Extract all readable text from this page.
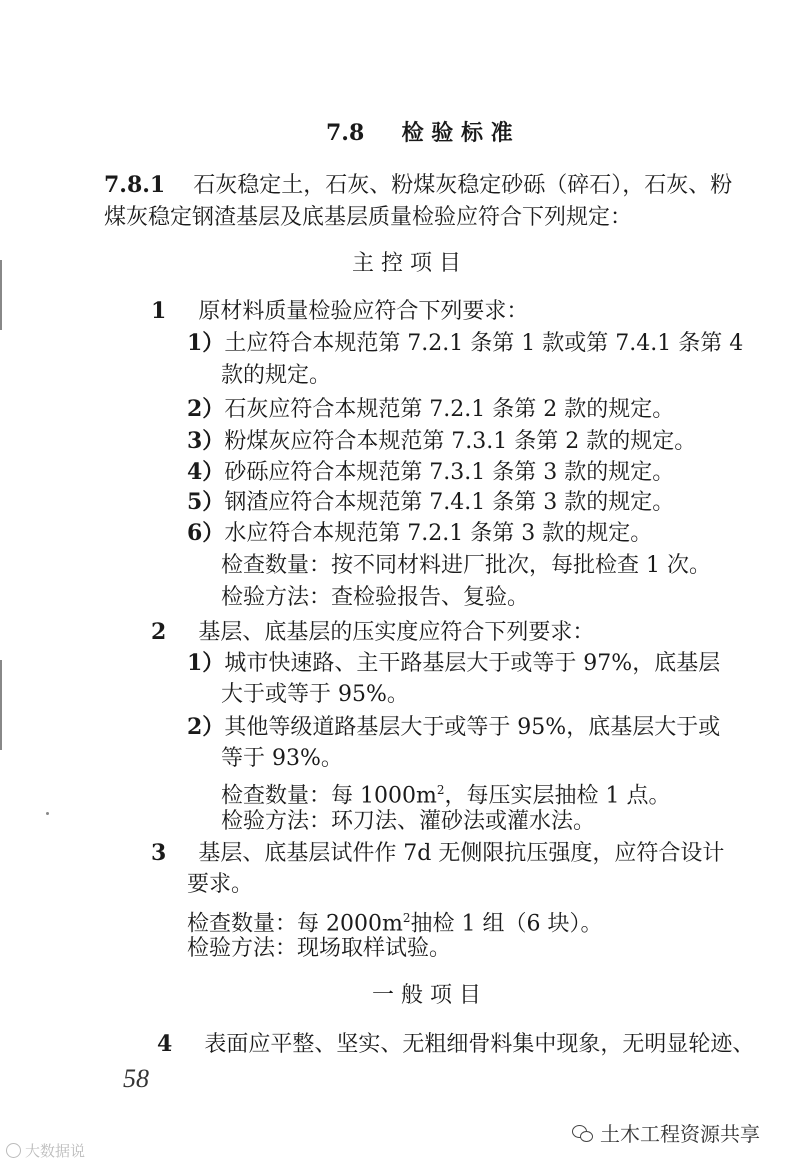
7.8 检 验 标 准
7.8.1 石灰稳定土，石灰、粉煤灰稳定砂砾（碎石），石灰、粉
煤灰稳定钢渣基层及底基层质量检验应符合下列规定：
主 控 项 目
1 原材料质量检验应符合下列要求：
1）土应符合本规范第 7.2.1 条第 1 款或第 7.4.1 条第 4
款的规定。
2）石灰应符合本规范第 7.2.1 条第 2 款的规定。
3）粉煤灰应符合本规范第 7.3.1 条第 2 款的规定。
4）砂砾应符合本规范第 7.3.1 条第 3 款的规定。
5）钢渣应符合本规范第 7.4.1 条第 3 款的规定。
6）水应符合本规范第 7.2.1 条第 3 款的规定。
检查数量：按不同材料进厂批次，每批检查 1 次。
检验方法：查检验报告、复验。
2 基层、底基层的压实度应符合下列要求：
1）城市快速路、主干路基层大于或等于 97%，底基层
大于或等于 95%。
2）其他等级道路基层大于或等于 95%，底基层大于或
等于 93%。
检查数量：每 $1000m^2$，每压实层抽检 1 点。
检验方法：环刀法、灌砂法或灌水法。
3 基层、底基层试件作 7d 无侧限抗压强度，应符合设计
要求。
检查数量：每 $2000m^2$抽检 1 组（6 块）。
检验方法：现场取样试验。
一 般 项 目
4 表面应平整、坚实、无粗细骨料集中现象，无明显轮迹、
58
土木工程资源共享
大数据说
